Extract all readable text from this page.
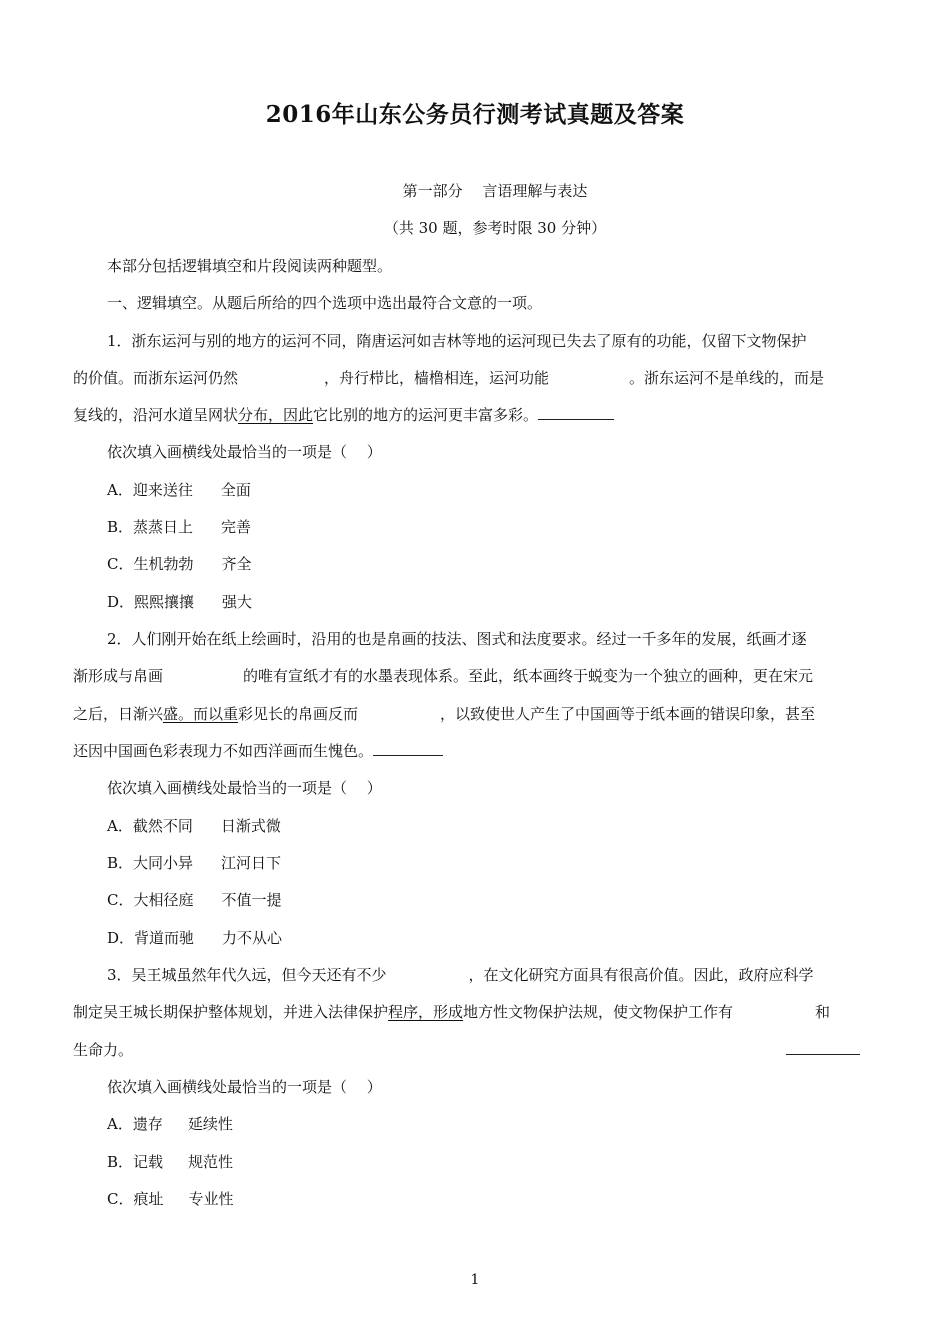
2016年山东公务员行测考试真题及答案
第一部分　 言语理解与表达
（共 30 题，参考时限 30 分钟）
本部分包括逻辑填空和片段阅读两种题型。
一、逻辑填空。从题后所给的四个选项中选出最符合文意的一项。
1．浙东运河与别的地方的运河不同，隋唐运河如吉林等地的运河现已失去了原有的功能，仅留下文物保护
的价值。而浙东运河仍然	，舟行栉比，樯橹相连，运河功能	。浙东运河不是单线的，而是
复线的，沿河水道呈网状分布，因此它比别的地方的运河更丰富多彩。
依次填入画横线处最恰当的一项是（　 ）
A．迎来送往 全面
B．蒸蒸日上 完善
C．生机勃勃 齐全
D．熙熙攘攘 强大
2．人们刚开始在纸上绘画时，沿用的也是帛画的技法、图式和法度要求。经过一千多年的发展，纸画才逐
渐形成与帛画	的唯有宣纸才有的水墨表现体系。至此，纸本画终于蜕变为一个独立的画种，更在宋元
之后，日渐兴盛。而以重彩见长的帛画反而	，以致使世人产生了中国画等于纸本画的错误印象，甚至
还因中国画色彩表现力不如西洋画而生愧色。
依次填入画横线处最恰当的一项是（　 ）
A．截然不同 日渐式微
B．大同小异 江河日下
C．大相径庭 不值一提
D．背道而驰 力不从心
3．吴王城虽然年代久远，但今天还有不少	，在文化研究方面具有很高价值。因此，政府应科学
制定吴王城长期保护整体规划，并进入法律保护程序，形成地方性文物保护法规，使文物保护工作有	和
生命力。
依次填入画横线处最恰当的一项是（　 ）
A．遗存 延续性
B．记载 规范性
C．痕址 专业性
1
